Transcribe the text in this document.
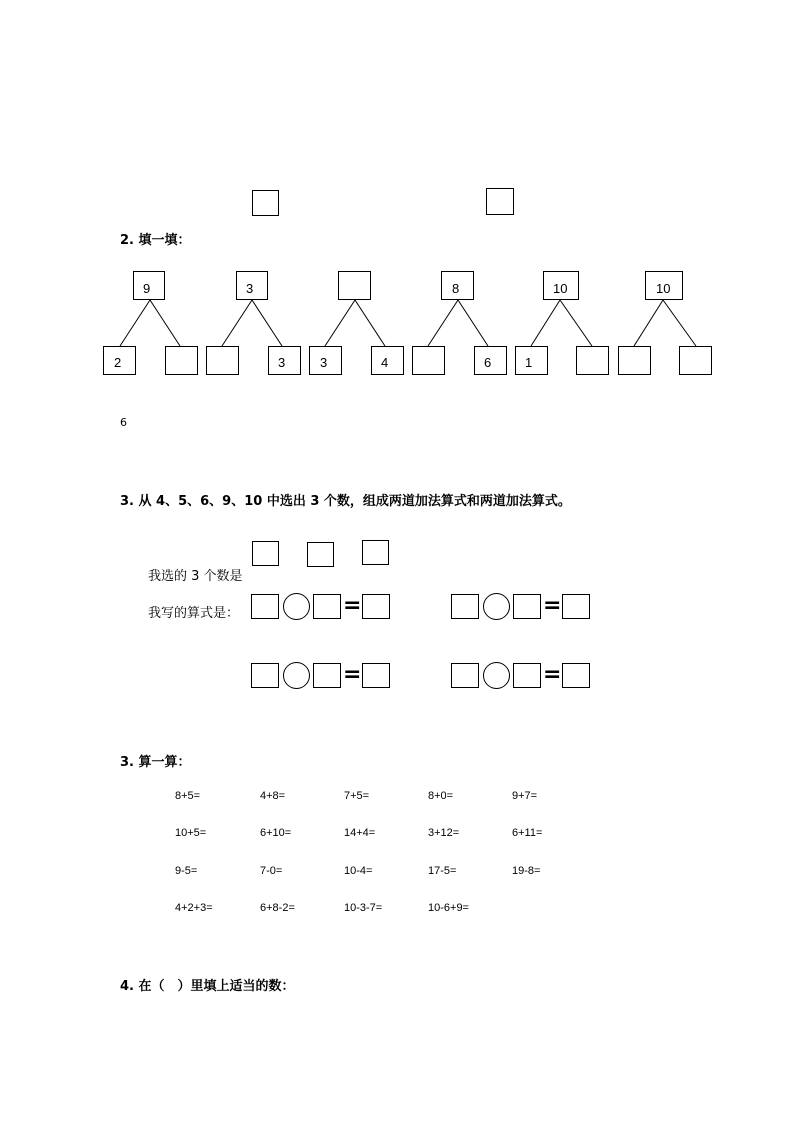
2. 填一填：
9
2
3
3	3	4
8
6
10
1
10
6
3. 从 4、5、6、9、10 中选出 3 个数，组成两道加法算式和两道加法算式。
我选的 3 个数是
我写的算式是：	=	=
=	=
3. 算一算：
8+5=	4+8=	7+5=	8+0=	9+7=
10+5=	6+10=	14+4=	3+12=	6+11=
9-5=	7-0=	10-4=	17-5=	19-8=
4+2+3=	6+8-2=	10-3-7=	10-6+9=
4. 在（　）里填上适当的数：
